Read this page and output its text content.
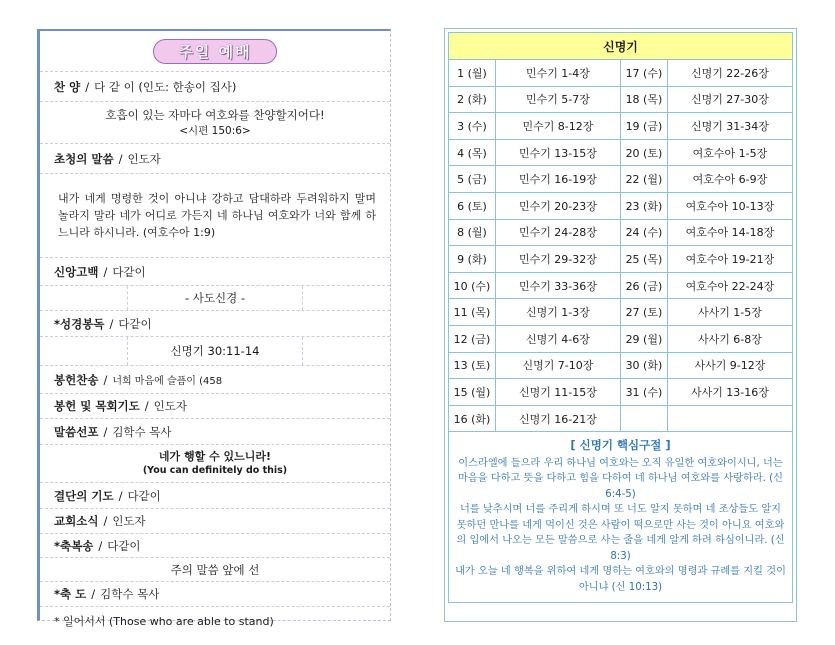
주일 예배
찬 양 / 다 같 이 (인도: 한송이 집사)
호흡이 있는 자마다 여호와를 찬양할지어다!
<시편 150:6>
초청의 말씀 / 인도자
내가 네게 명령한 것이 아니냐 강하고 담대하라 두려워하지 말며 놀라지 말라 네가 어디로 가든지 네 하나님 여호와가 너와 함께 하느니라 하시니라. (여호수아 1:9)
신앙고백 / 다같이
- 사도신경 -
*성경봉독 / 다같이
신명기 30:11-14
봉헌찬송 / 너희 마음에 슬픔이 (458
봉헌 및 목회기도 / 인도자
말씀선포 / 김학수 목사
네가 행할 수 있느니라!
(You can definitely do this)
결단의 기도 / 다같이
교회소식 / 인도자
*축복송 / 다같이
주의 말씀 앞에 선
*축 도 / 김학수 목사
* 일어서서 (Those who are able to stand)
신명기			
1 (월)	민수기 1-4장	17 (수)	신명기 22-26장
2 (화)	민수기 5-7장	18 (목)	신명기 27-30장
3 (수)	민수기 8-12장	19 (금)	신명기 31-34장
4 (목)	민수기 13-15장	20 (토)	여호수아 1-5장
5 (금)	민수기 16-19장	22 (월)	여호수아 6-9장
6 (토)	민수기 20-23장	23 (화)	여호수아 10-13장
8 (월)	민수기 24-28장	24 (수)	여호수아 14-18장
9 (화)	민수기 29-32장	25 (목)	여호수아 19-21장
10 (수)	민수기 33-36장	26 (금)	여호수아 22-24장
11 (목)	신명기 1-3장	27 (토)	사사기 1-5장
12 (금)	신명기 4-6장	29 (월)	사사기 6-8장
13 (토)	신명기 7-10장	30 (화)	사사기 9-12장
15 (월)	신명기 11-15장	31 (수)	사사기 13-16장
16 (화)	신명기 16-21장		
[ 신명기 핵심구절 ]
이스라엘에 들으라 우리 하나님 여호와는 오직 유일한 여호와이시니, 너는 마음을 다하고 뜻을 다하고 힘을 다하여 네 하나님 여호와를 사랑하라. (신 6:4-5)
너를 낮추시며 너를 주리게 하시며 또 너도 알지 못하며 네 조상들도 알지 못하던 만나를 네게 먹이신 것은 사람이 떡으로만 사는 것이 아니요 여호와의 입에서 나오는 모든 말씀으로 사는 줄을 네게 알게 하려 하심이니라. (신 8:3)
내가 오늘 네 행복을 위하여 네게 명하는 여호와의 명령과 규례를 지킬 것이 아니냐 (신 10:13)
